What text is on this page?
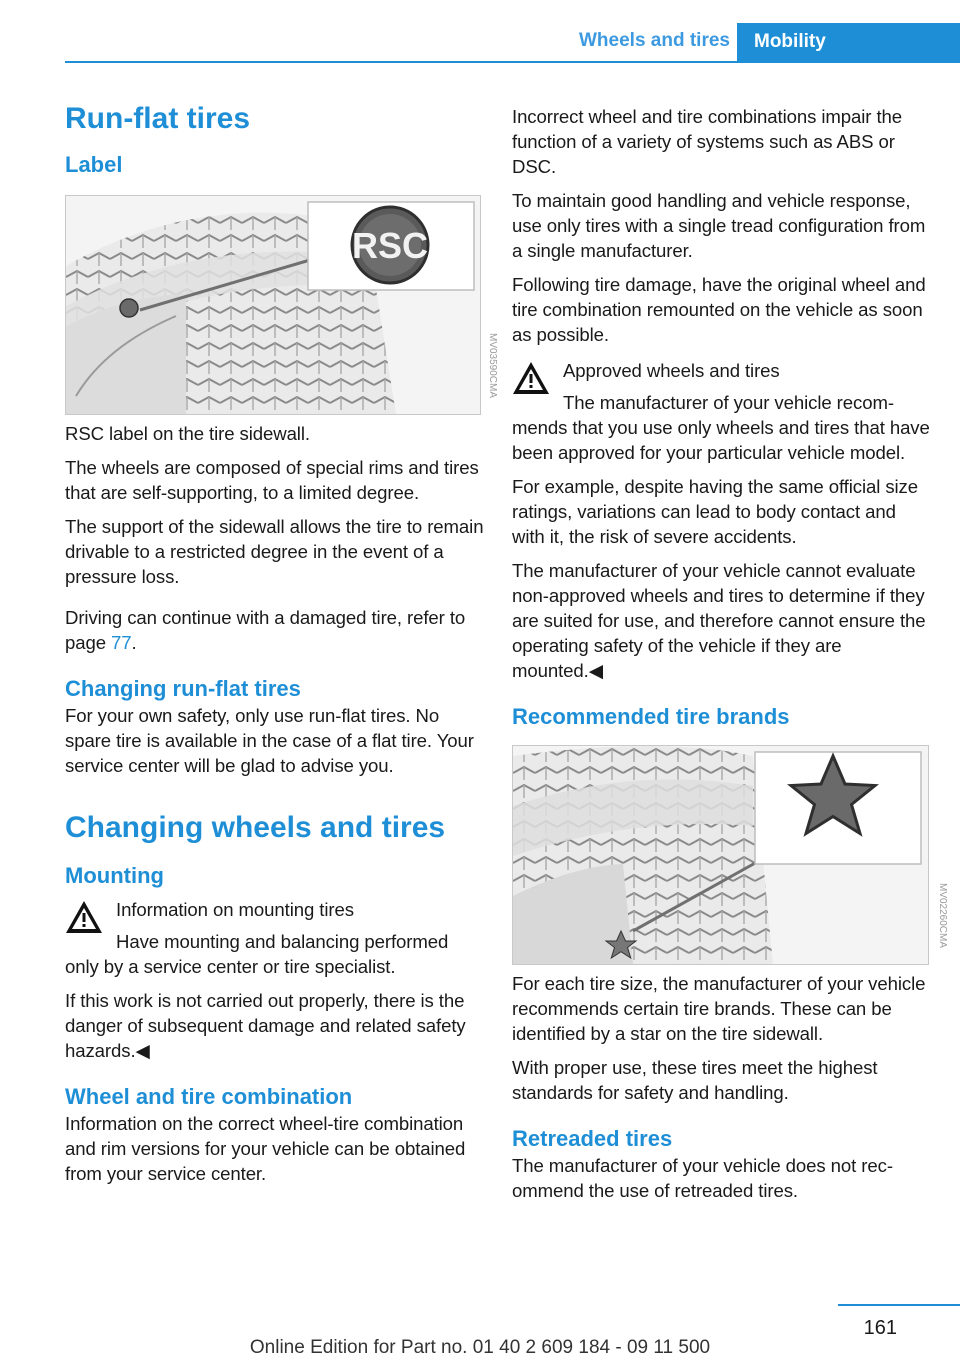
Wheels and tires	Mobility
Run-flat tires
Label
RSC
MV03590CMA

RSC label on the tire sidewall.

The wheels are composed of special rims and tires that are self-supporting, to a limited degree.

The support of the sidewall allows the tire to remain drivable to a restricted degree in the event of a pressure loss.

Driving can continue with a damaged tire, refer to page 77.

Changing run-flat tires

For your own safety, only use run-flat tires. No spare tire is available in the case of a flat tire. Your service center will be glad to advise you.

Changing wheels and tires
Mounting

Information on mounting tires

Have mounting and balancing performed only by a service center or tire specialist.

If this work is not carried out properly, there is the danger of subsequent damage and related safety hazards.◀

Wheel and tire combination

Information on the correct wheel-tire combination and rim versions for your vehicle can be obtained from your service center.

Incorrect wheel and tire combinations impair the function of a variety of systems such as ABS or DSC.

To maintain good handling and vehicle response, use only tires with a single tread configuration from a single manufacturer.

Following tire damage, have the original wheel and tire combination remounted on the vehicle as soon as possible.

Approved wheels and tires

The manufacturer of your vehicle recommends that you use only wheels and tires that have been approved for your particular vehicle model.

For example, despite having the same official size ratings, variations can lead to body contact and with it, the risk of severe accidents.

The manufacturer of your vehicle cannot evaluate non-approved wheels and tires to determine if they are suited for use, and therefore cannot ensure the operating safety of the vehicle if they are mounted.◀

Recommended tire brands
MV02260CMA

For each tire size, the manufacturer of your vehicle recommends certain tire brands. These can be identified by a star on the tire sidewall.

With proper use, these tires meet the highest standards for safety and handling.

Retreaded tires

The manufacturer of your vehicle does not recommend the use of retreaded tires.

161
Online Edition for Part no. 01 40 2 609 184 - 09 11 500
